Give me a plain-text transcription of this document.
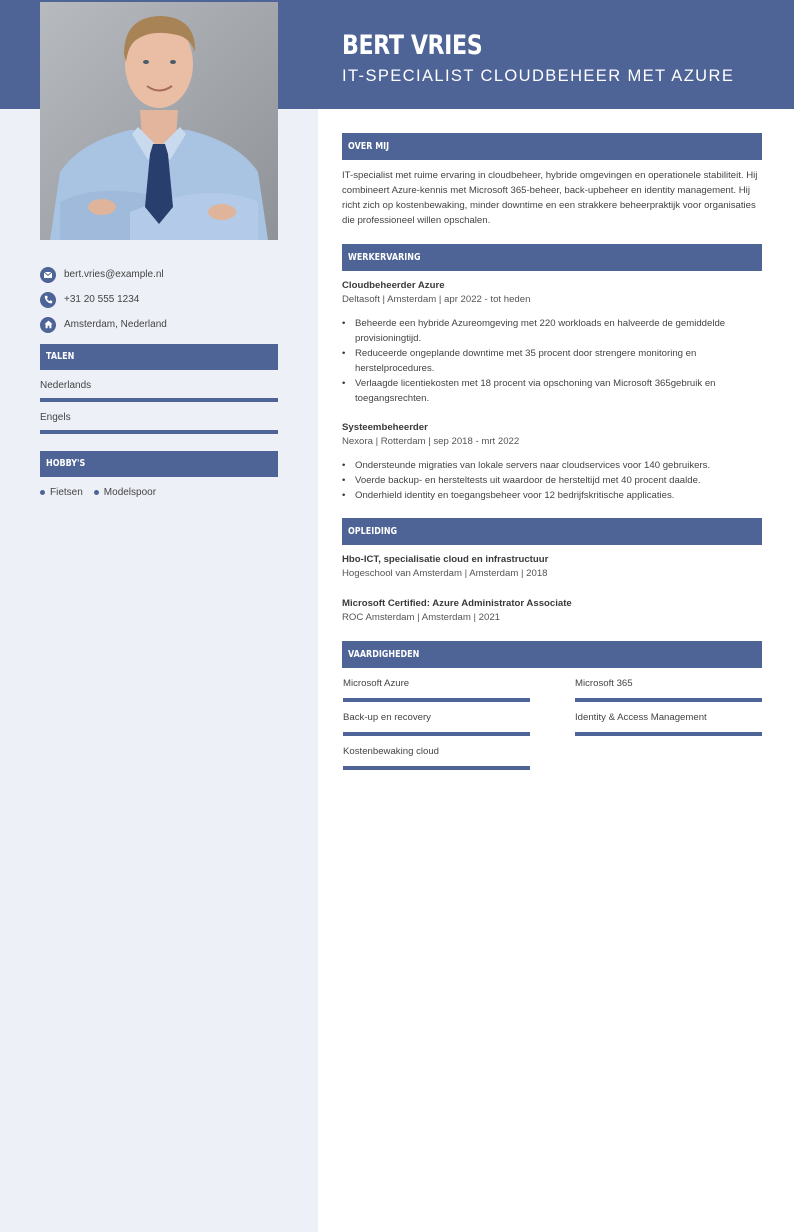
BERT VRIES
IT-SPECIALIST CLOUDBEHEER MET AZURE
bert.vries@example.nl
+31 20 555 1234
Amsterdam, Nederland
TALEN
Nederlands
Engels
HOBBY'S
Fietsen Modelspoor
OVER MIJ
IT-specialist met ruime ervaring in cloudbeheer, hybride omgevingen en operationele stabiliteit. Hij combineert Azure-kennis met Microsoft 365-beheer, back-upbeheer en identity management. Hij richt zich op kostenbewaking, minder downtime en een strakkere beheerpraktijk voor organisaties die professioneel willen opschalen.
WERKERVARING
Cloudbeheerder Azure
Deltasoft | Amsterdam | apr 2022 - tot heden
• Beheerde een hybride Azureomgeving met 220 workloads en halveerde de gemiddelde provisioningtijd.
• Reduceerde ongeplande downtime met 35 procent door strengere monitoring en herstelprocedures.
• Verlaagde licentiekosten met 18 procent via opschoning van Microsoft 365gebruik en toegangsrechten.
Systeembeheerder
Nexora | Rotterdam | sep 2018 - mrt 2022
• Ondersteunde migraties van lokale servers naar cloudservices voor 140 gebruikers.
• Voerde backup- en hersteltests uit waardoor de hersteltijd met 40 procent daalde.
• Onderhield identity en toegangsbeheer voor 12 bedrijfskritische applicaties.
OPLEIDING
Hbo-ICT, specialisatie cloud en infrastructuur
Hogeschool van Amsterdam | Amsterdam | 2018
Microsoft Certified: Azure Administrator Associate
ROC Amsterdam | Amsterdam | 2021
VAARDIGHEDEN
Microsoft Azure	Microsoft 365
Back-up en recovery	Identity & Access Management
Kostenbewaking cloud
